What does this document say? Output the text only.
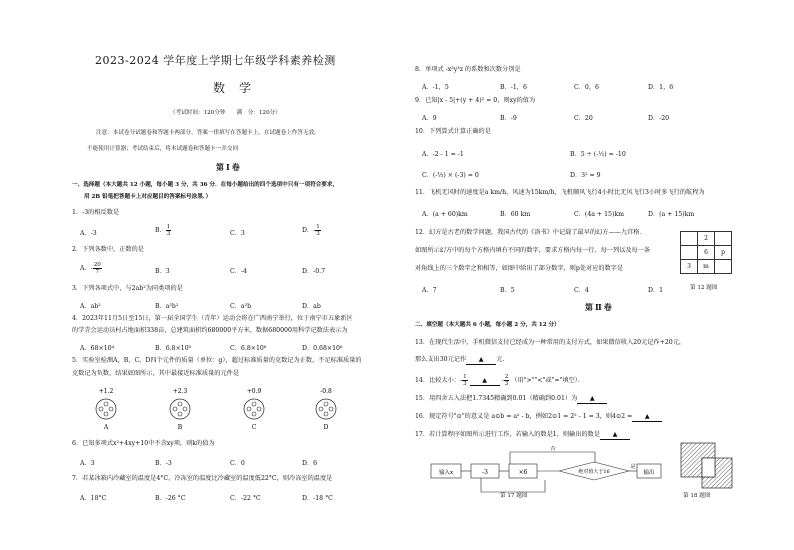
2023-2024 学年度上学期七年级学科素养检测
数学
（考试时间：120分钟　　满　分：120分）
注意：本试卷分试题卷和答题卡两部分，答案一律填写在答题卡上，在试题卷上作答无效。
不能使用计算器；考试结束后，将本试题卷和答题卡一并交回
第Ⅰ卷
一、选择题（本大题共 12 小题，每小题 3 分，共 36 分．在每小题给出的四个选项中只有一项符合要求，
用 2B 铅笔把答题卡上对应题目的答案标号涂黑．）
1．-3的相反数是
A．-3	B． $\frac{1}{3}$	C．3	D．- $\frac{1}{3}$
2．下列各数中，正数的是
A．- $\frac{20}{7}$	B．3	C．-4	D．-0.7
3．下列各项式中，与2ab²为同类项的是
A．ab²	B．a²b²	C．a²b	D．ab
4．2023年11月5日至15日，第一届全国学生（青年）运动会将在广西南宁举行，位于南宁市五象新区
的学青会运动员村占地面积338亩，总建筑面积约680000平方米，数据680000用科学记数法表示为
A．68×10⁴	B．6.8×10⁵	C．6.8×10⁶	D．0.68×10⁶
5．实验室检测A，B，C，D四个元件的质量（单位：g），超过标准质量的克数记为正数，不足标准质量的
克数记为负数，结果如图所示，其中最接近标准质量的元件是
+1.2
A
+2.3
B
+0.9
C
-0.8
D
6．已知多项式x²+4xy+10中不含xy项，则k的值为
A．3	B．-3	C．0	D．6
7．若某冰箱内冷藏室的温度是4°C，冷冻室的温度比冷藏室的温度低22°C，则冷冻室的温度是
A．18°C	B．-26 °C	C．-22 °C	D．-18 °C
8．单项式 -x²y³z 的系数和次数分别是
A．-1，5	B．-1，6	C．0，6	D．1，6
9．已知|x - 5|+(y + 4)² = 0，则xy的值为
A．9	B．-9	C．20	D．-20
10．下列算式计算正确的是
A．-2 - 1 = -1	B．5 ÷ (-½) = -10
C．(-⅓) × (-3) = 0	D．3² = 9
11．飞机无风时的速度是a km/h，风速为15km/h，飞机顺风飞行4小时比无风飞行3小时多飞行的航程为
A．(a + 60)km	B．60 km	C．(4a + 15)km	D．(a + 15)km
12．幻方是古老的数学问题，我国古代的《洛书》中记载了最早的幻方——九宫格．
如图所示幻方中的每个方格内填有不同的数字，要求方格内每一行、每一列以及每一条
对角线上的三个数字之和相等，如图中给出了部分数字，则p处对应的数字是
A．7	B．5	C．4	D．1
	2	
	6	p
3	m	
第 12 题图
第Ⅱ卷
二、填空题（本大题共 6 小题，每小题 2 分，共 12 分）
13．在现代生活中，手机微信支付已经成为一种常用的支付方式，如果微信收入20元记作+20元，
那么支出30元记作 ▲ 元．
14．比较大小：- $\frac{1}{3}$ ▲ - $\frac{2}{3}$ （用">""<"或"="填空）．
15．用四舍五入法把1.7345精确到0.01（精确到0.01）为 ▲
16．规定符号"⊙"的意义是 a⊙b = a² - b，例如2⊙1 = 2² - 1 = 3，则4⊙2 = ▲
17．若计算程序如图所示进行工作，若输入的数是1，则输出的数是 ▲
否
输入x	-3	×6	绝对值大于16
是
输出
第 17 题图	第 18 题图
